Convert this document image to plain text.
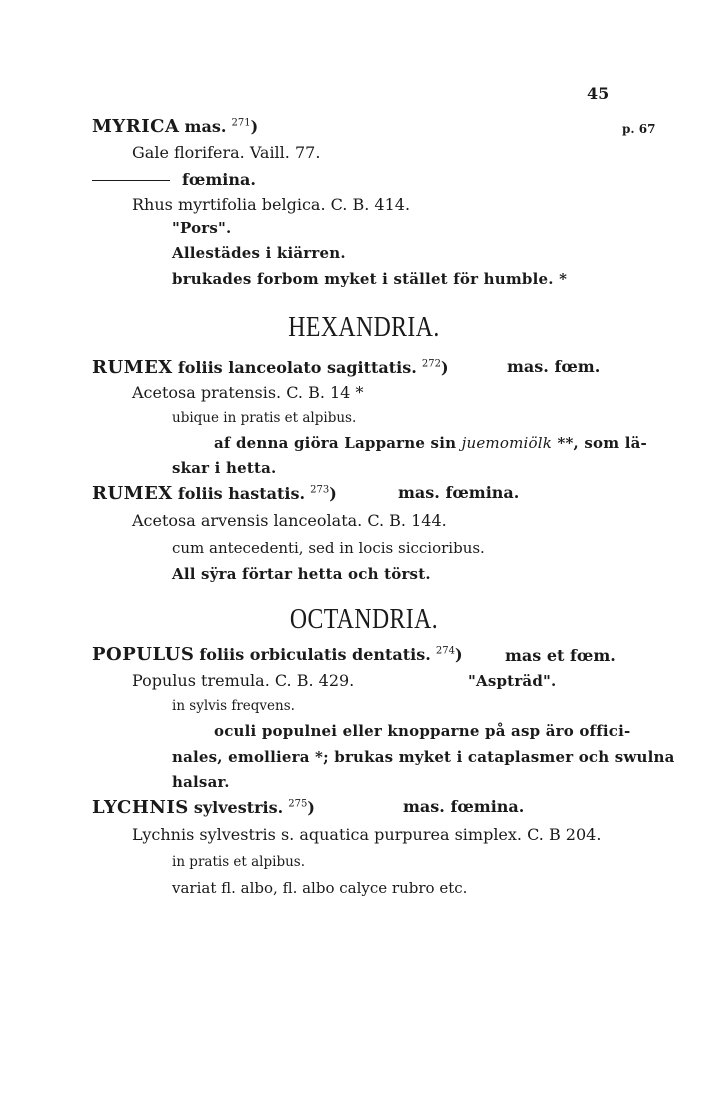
45
MYRICA mas. $^{271}$)	p. 67
Gale florifera. Vaill. 77.
fœmina.
Rhus myrtifolia belgica. C. B. 414.
"Pors".
Allestädes i kiärren.
brukades forbom myket i stället för humble. *
HEXANDRIA.
RUMEX foliis lanceolato sagittatis. $^{272}$)	mas. fœm.
Acetosa pratensis. C. B. 14 *
ubique in pratis et alpibus.
af denna giöra Lapparne sin juemomiölk **, som lä-
skar i hetta.
RUMEX foliis hastatis. $^{273}$)	mas. fœmina.
Acetosa arvensis lanceolata. C. B. 144.
cum antecedenti, sed in locis siccioribus.
All sÿra förtar hetta och törst.
OCTANDRIA.
POPULUS foliis orbiculatis dentatis. $^{274}$)	mas et fœm.
Populus tremula. C. B. 429.	"Aspträd".
in sylvis freqvens.
oculi populnei eller knopparne på asp äro offici-
nales, emolliera *; brukas myket i cataplasmer och swulna
halsar.
LYCHNIS sylvestris. $^{275}$)	mas. fœmina.
Lychnis sylvestris s. aquatica purpurea simplex. C. B 204.
in pratis et alpibus.
variat fl. albo, fl. albo calyce rubro etc.
